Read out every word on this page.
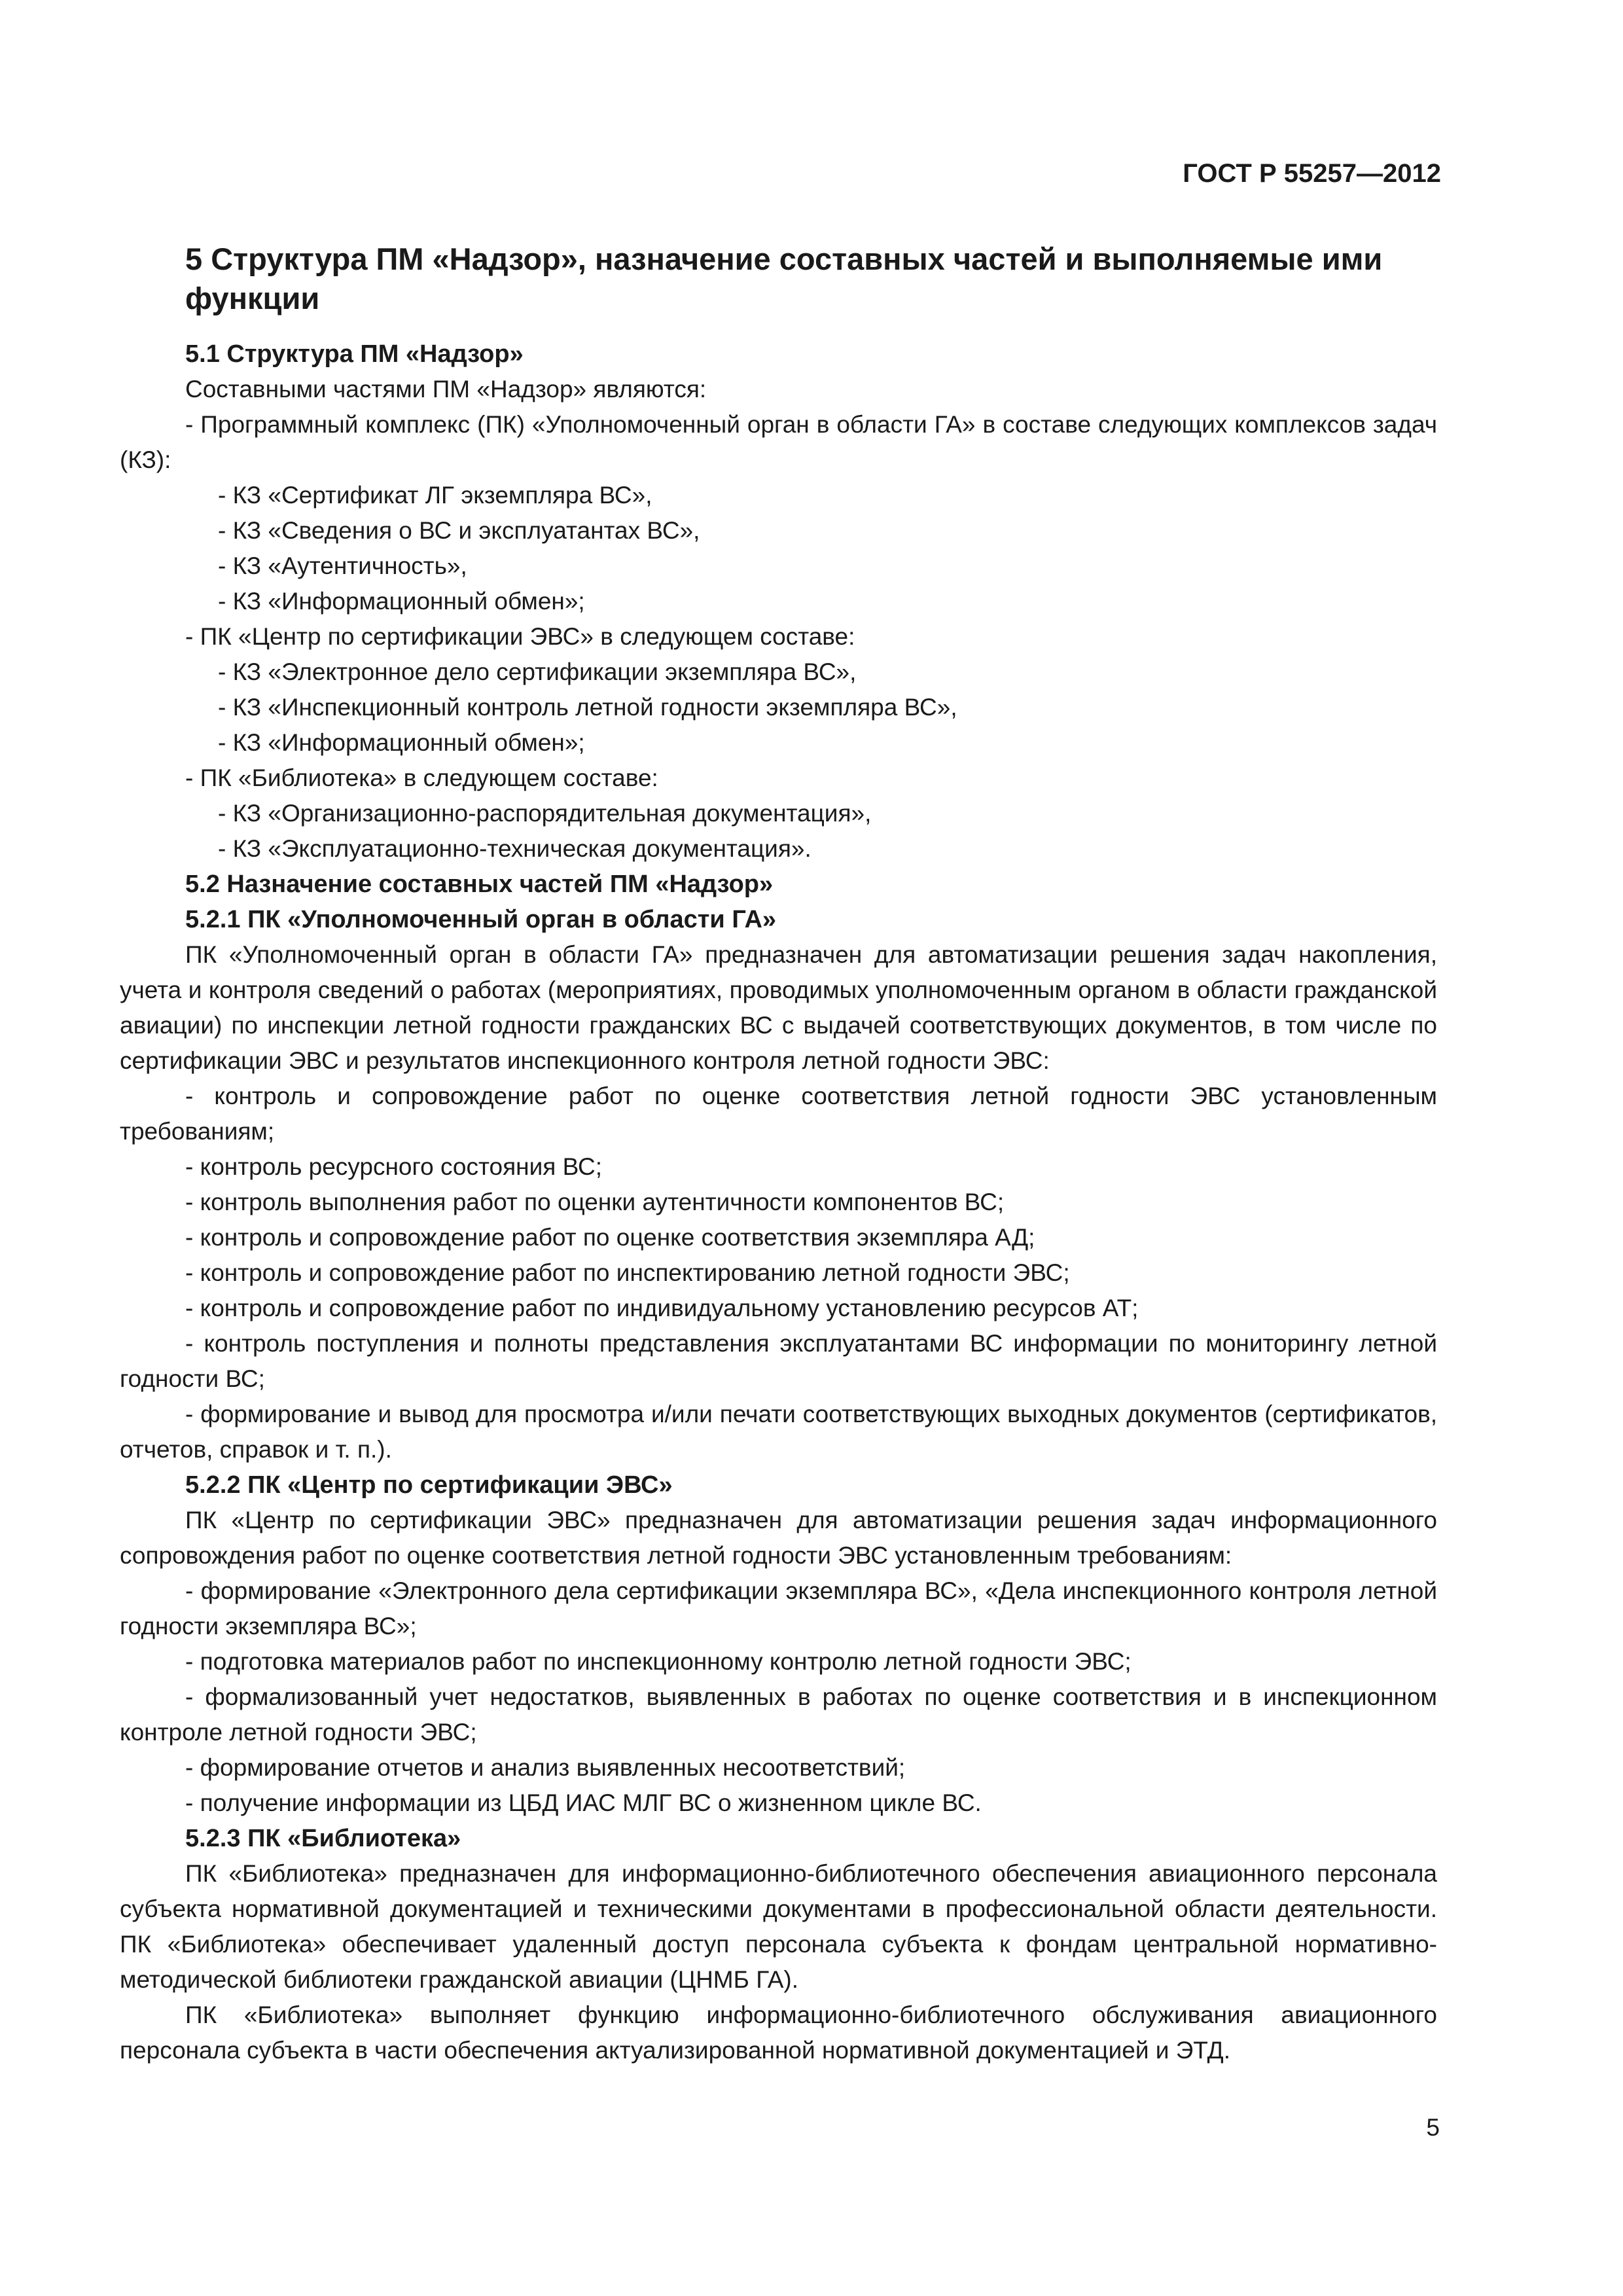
ГОСТ Р 55257—2012
5 Структура ПМ «Надзор», назначение составных частей и выполняемые ими функции
5.1 Структура ПМ «Надзор»

Составными частями ПМ «Надзор» являются:

- Программный комплекс (ПК) «Уполномоченный орган в области ГА» в составе следующих комплексов задач (КЗ):

- КЗ «Сертификат ЛГ экземпляра ВС»,

- КЗ «Сведения о ВС и эксплуатантах ВС»,

- КЗ «Аутентичность»,

- КЗ «Информационный обмен»;

- ПК «Центр по сертификации ЭВС» в следующем составе:

- КЗ «Электронное дело сертификации экземпляра ВС»,

- КЗ «Инспекционный контроль летной годности экземпляра ВС»,

- КЗ «Информационный обмен»;

- ПК «Библиотека» в следующем составе:

- КЗ «Организационно-распорядительная документация»,

- КЗ «Эксплуатационно-техническая документация».

5.2 Назначение составных частей ПМ «Надзор»
5.2.1 ПК «Уполномоченный орган в области ГА»

ПК «Уполномоченный орган в области ГА» предназначен для автоматизации решения задач накопления, учета и контроля сведений о работах (мероприятиях, проводимых уполномоченным органом в области гражданской авиации) по инспекции летной годности гражданских ВС с выдачей соответствующих документов, в том числе по сертификации ЭВС и результатов инспекционного контроля летной годности ЭВС:

- контроль и сопровождение работ по оценке соответствия летной годности ЭВС установленным требованиям;

- контроль ресурсного состояния ВС;

- контроль выполнения работ по оценки аутентичности компонентов ВС;

- контроль и сопровождение работ по оценке соответствия экземпляра АД;

- контроль и сопровождение работ по инспектированию летной годности ЭВС;

- контроль и сопровождение работ по индивидуальному установлению ресурсов АТ;

- контроль поступления и полноты представления эксплуатантами ВС информации по мониторингу летной годности ВС;

- формирование и вывод для просмотра и/или печати соответствующих выходных документов (сертификатов, отчетов, справок и т. п.).

5.2.2 ПК «Центр по сертификации ЭВС»

ПК «Центр по сертификации ЭВС» предназначен для автоматизации решения задач информационного сопровождения работ по оценке соответствия летной годности ЭВС установленным требованиям:

- формирование «Электронного дела сертификации экземпляра ВС», «Дела инспекционного контроля летной годности экземпляра ВС»;

- подготовка материалов работ по инспекционному контролю летной годности ЭВС;

- формализованный учет недостатков, выявленных в работах по оценке соответствия и в инспекционном контроле летной годности ЭВС;

- формирование отчетов и анализ выявленных несоответствий;

- получение информации из ЦБД ИАС МЛГ ВС о жизненном цикле ВС.

5.2.3 ПК «Библиотека»

ПК «Библиотека» предназначен для информационно-библиотечного обеспечения авиационного персонала субъекта нормативной документацией и техническими документами в профессиональной области деятельности. ПК «Библиотека» обеспечивает удаленный доступ персонала субъекта к фондам центральной нормативно-методической библиотеки гражданской авиации (ЦНМБ ГА).

ПК «Библиотека» выполняет функцию информационно-библиотечного обслуживания авиационного персонала субъекта в части обеспечения актуализированной нормативной документацией и ЭТД.

5
